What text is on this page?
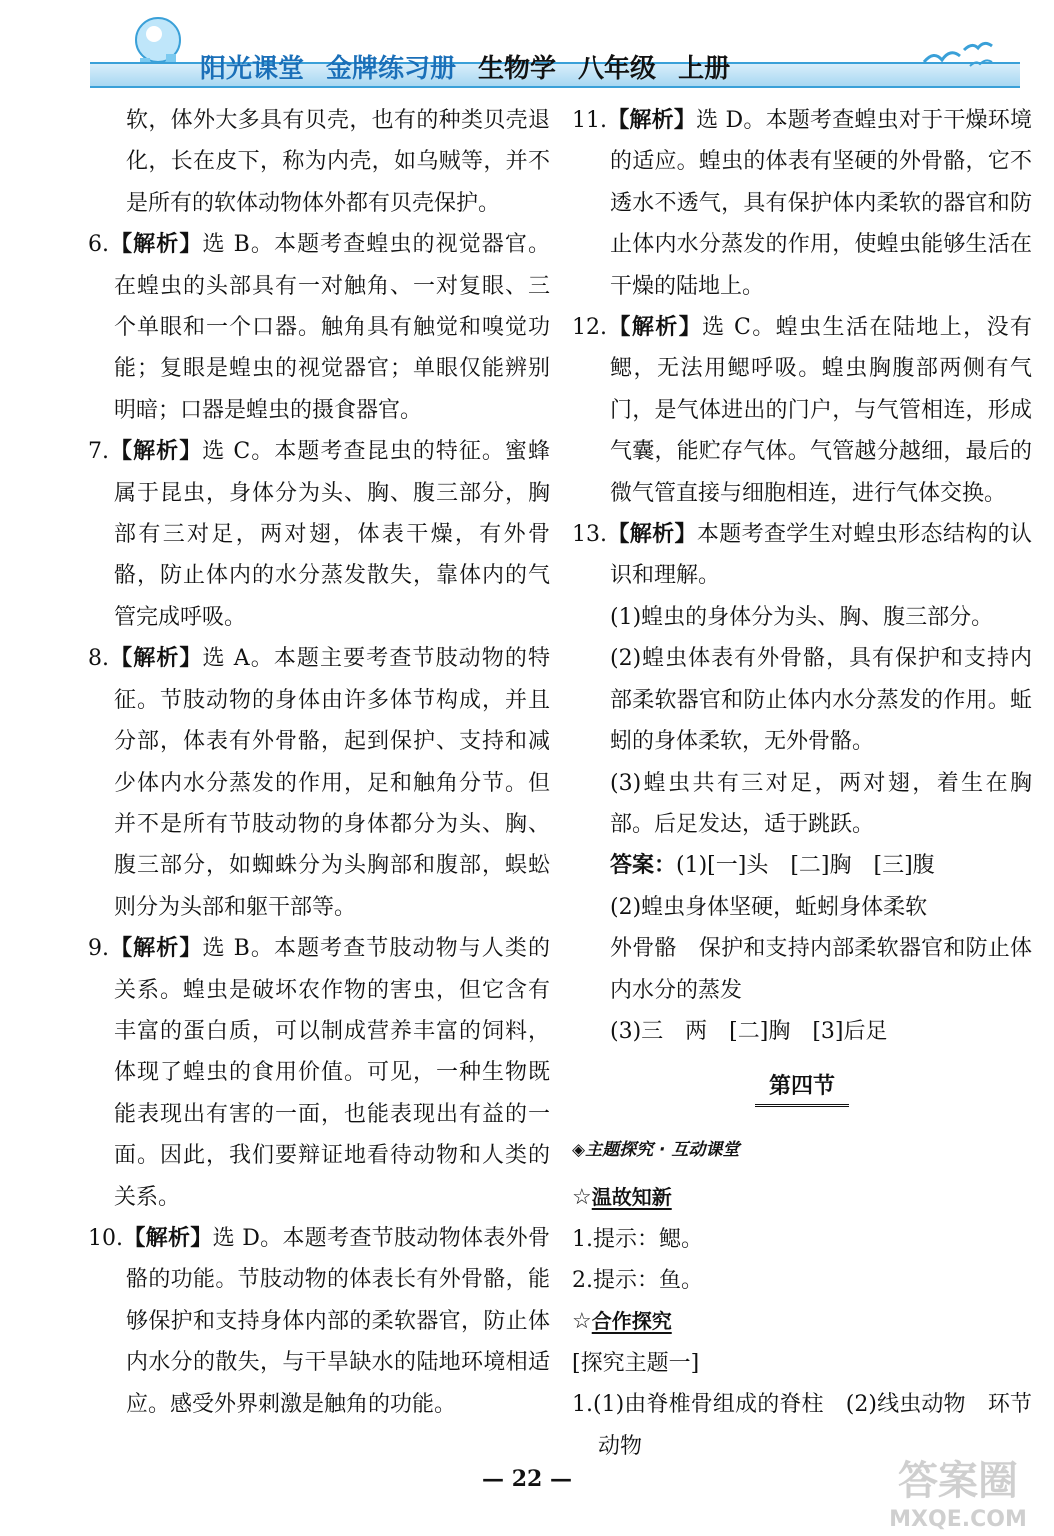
阳光课堂 金牌练习册 生物学 八年级 上册

软，体外大多具有贝壳，也有的种类贝壳退化，长在皮下，称为内壳，如乌贼等，并不是所有的软体动物体外都有贝壳保护。

6.【解析】选 B。本题考查蝗虫的视觉器官。在蝗虫的头部具有一对触角、一对复眼、三个单眼和一个口器。触角具有触觉和嗅觉功能；复眼是蝗虫的视觉器官；单眼仅能辨别明暗；口器是蝗虫的摄食器官。

7.【解析】选 C。本题考查昆虫的特征。蜜蜂属于昆虫，身体分为头、胸、腹三部分，胸部有三对足，两对翅，体表干燥，有外骨骼，防止体内的水分蒸发散失，靠体内的气管完成呼吸。

8.【解析】选 A。本题主要考查节肢动物的特征。节肢动物的身体由许多体节构成，并且分部，体表有外骨骼，起到保护、支持和减少体内水分蒸发的作用，足和触角分节。但并不是所有节肢动物的身体都分为头、胸、腹三部分，如蜘蛛分为头胸部和腹部，蜈蚣则分为头部和躯干部等。

9.【解析】选 B。本题考查节肢动物与人类的关系。蝗虫是破坏农作物的害虫，但它含有丰富的蛋白质，可以制成营养丰富的饲料，体现了蝗虫的食用价值。可见，一种生物既能表现出有害的一面，也能表现出有益的一面。因此，我们要辩证地看待动物和人类的关系。

10.【解析】选 D。本题考查节肢动物体表外骨骼的功能。节肢动物的体表长有外骨骼，能够保护和支持身体内部的柔软器官，防止体内水分的散失，与干旱缺水的陆地环境相适应。感受外界刺激是触角的功能。

11.【解析】选 D。本题考查蝗虫对于干燥环境的适应。蝗虫的体表有坚硬的外骨骼，它不透水不透气，具有保护体内柔软的器官和防止体内水分蒸发的作用，使蝗虫能够生活在干燥的陆地上。

12.【解析】选 C。蝗虫生活在陆地上，没有鳃，无法用鳃呼吸。蝗虫胸腹部两侧有气门，是气体进出的门户，与气管相连，形成气囊，能贮存气体。气管越分越细，最后的微气管直接与细胞相连，进行气体交换。

13.【解析】本题考查学生对蝗虫形态结构的认识和理解。

(1)蝗虫的身体分为头、胸、腹三部分。

(2)蝗虫体表有外骨骼，具有保护和支持内部柔软器官和防止体内水分蒸发的作用。蚯蚓的身体柔软，无外骨骼。

(3)蝗虫共有三对足，两对翅，着生在胸部。后足发达，适于跳跃。

答案：(1)[一]头　[二]胸　[三]腹

(2)蝗虫身体坚硬，蚯蚓身体柔软

外骨骼　保护和支持内部柔软器官和防止体内水分的蒸发

(3)三　两　[二]胸　[3]后足

第四节
◈主题探究 · 互动课堂

☆温故知新

1.提示：鳃。

2.提示：鱼。

☆合作探究

[探究主题一]

1.(1)由脊椎骨组成的脊柱　(2)线虫动物　环节动物

— 22 —	答案圈
MXQE.COM
